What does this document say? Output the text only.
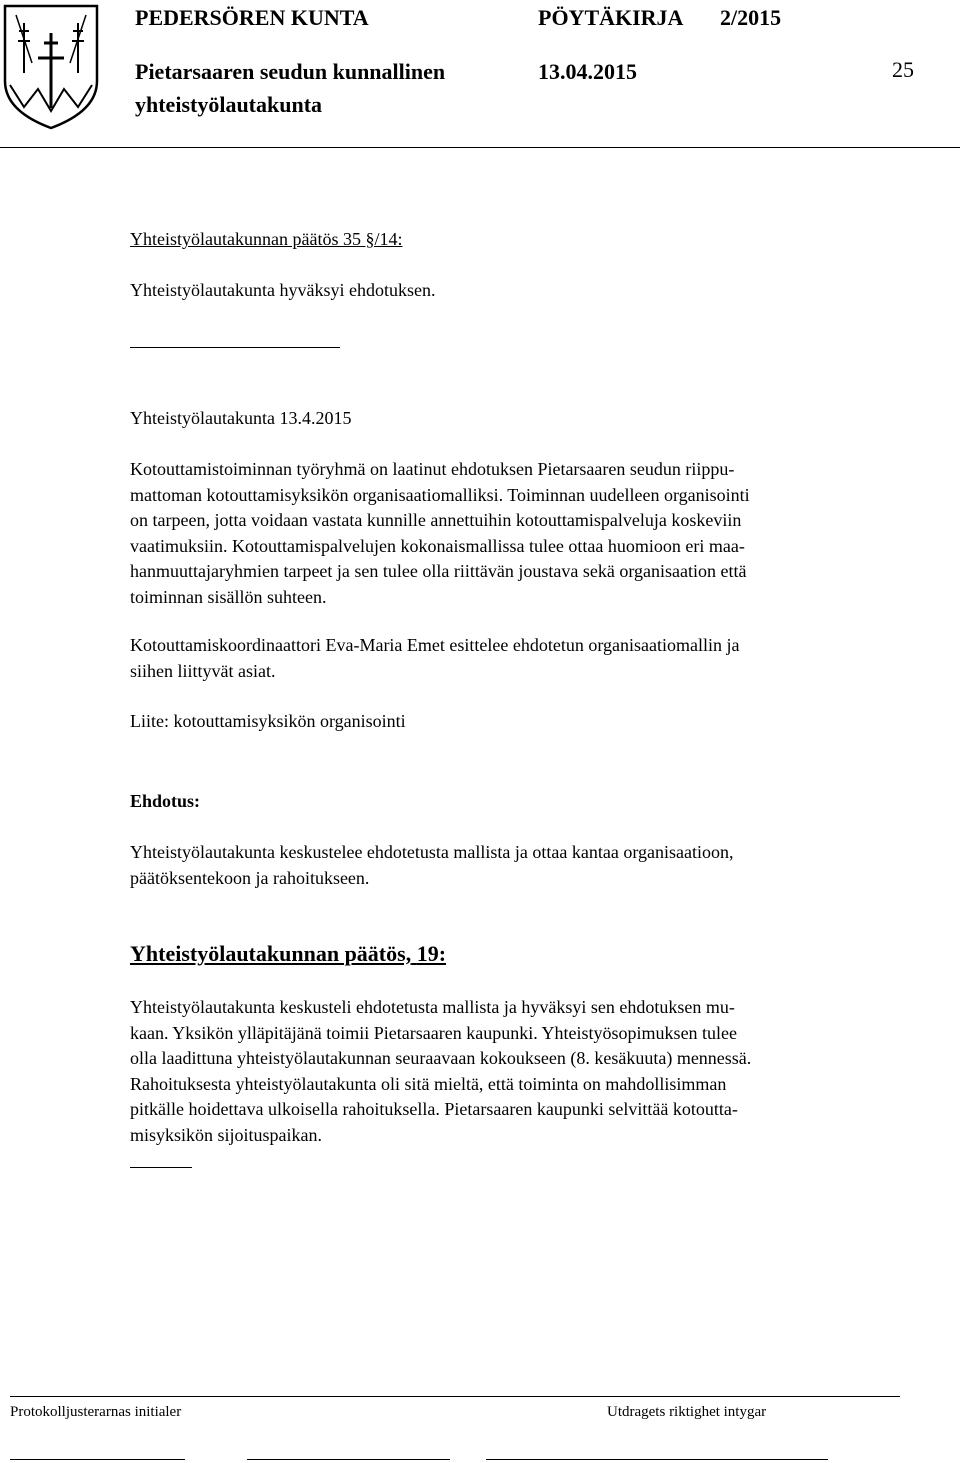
PEDERSÖREN KUNTA	PÖYTÄKIRJA 2/2015
Pietarsaaren seudun kunnallinen
yhteistyölautakunta
13.04.2015	25
Yhteistyölautakunnan päätös 35 §/14:
Yhteistyölautakunta hyväksyi ehdotuksen.
Yhteistyölautakunta 13.4.2015
Kotouttamistoiminnan työryhmä on laatinut ehdotuksen Pietarsaaren seudun riippu-
mattoman kotouttamisyksikön organisaatiomalliksi. Toiminnan uudelleen organisointi
on tarpeen, jotta voidaan vastata kunnille annettuihin kotouttamispalveluja koskeviin
vaatimuksiin. Kotouttamispalvelujen kokonaismallissa tulee ottaa huomioon eri maa-
hanmuuttajaryhmien tarpeet ja sen tulee olla riittävän joustava sekä organisaation että
toiminnan sisällön suhteen.
Kotouttamiskoordinaattori Eva-Maria Emet esittelee ehdotetun organisaatiomallin ja
siihen liittyvät asiat.
Liite: kotouttamisyksikön organisointi
Ehdotus:
Yhteistyölautakunta keskustelee ehdotetusta mallista ja ottaa kantaa organisaatioon,
päätöksentekoon ja rahoitukseen.
Yhteistyölautakunnan päätös, 19:
Yhteistyölautakunta keskusteli ehdotetusta mallista ja hyväksyi sen ehdotuksen mu-
kaan. Yksikön ylläpitäjänä toimii Pietarsaaren kaupunki. Yhteistyösopimuksen tulee
olla laadittuna yhteistyölautakunnan seuraavaan kokoukseen (8. kesäkuuta) mennessä.
Rahoituksesta yhteistyölautakunta oli sitä mieltä, että toiminta on mahdollisimman
pitkälle hoidettava ulkoisella rahoituksella. Pietarsaaren kaupunki selvittää kotoutta-
misyksikön sijoituspaikan.
Protokolljusterarnas initialer	Utdragets riktighet intygar
